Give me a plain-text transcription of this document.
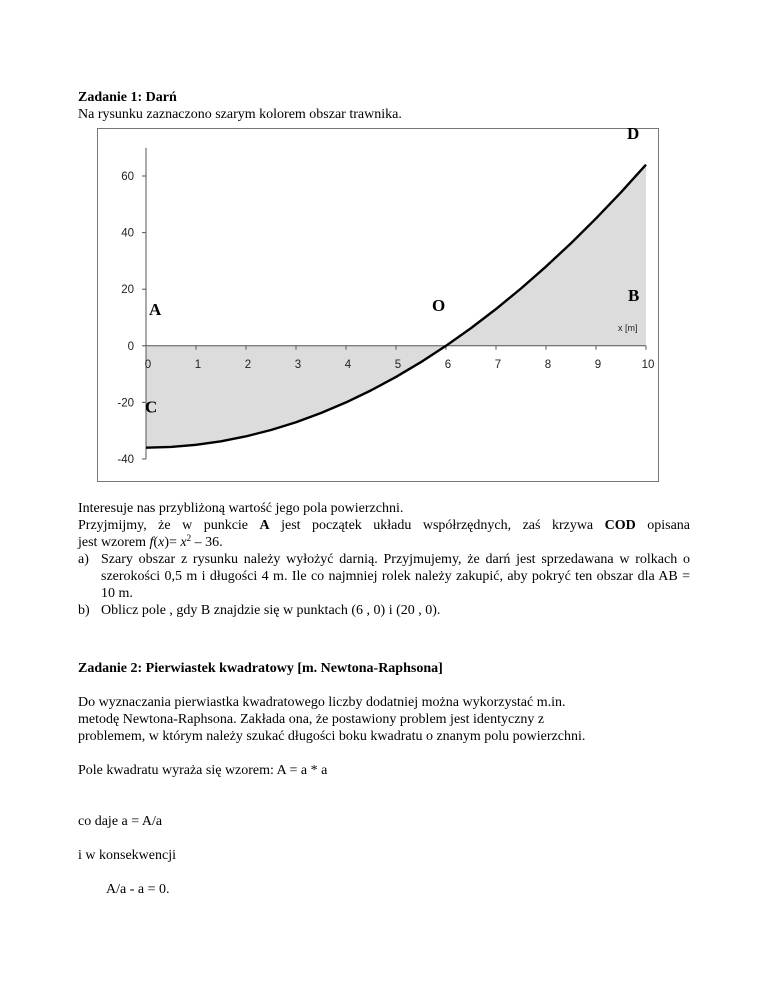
Zadanie 1: Darń
Na rysunku zaznaczono szarym kolorem obszar trawnika.
60
40
20
0
-20
-40
0	1	2	3	4	5	6	7	8	9	10
x [m]
A	O
B
C
D
Interesuje nas przybliżoną wartość jego pola powierzchni.
Przyjmijmy, że w punkcie A jest początek układu współrzędnych, zaś krzywa COD opisana
jest wzorem $f(x)= x^2 - 36$.
a) Szary obszar z rysunku należy wyłożyć darnią. Przyjmujemy, że darń jest sprzedawana w rolkach o szerokości 0,5 m i długości 4 m. Ile co najmniej rolek należy zakupić, aby pokryć ten obszar dla AB = 10 m.
b) Oblicz pole , gdy B znajdzie się w punktach (6 , 0) i (20 , 0).
Zadanie 2: Pierwiastek kwadratowy [m. Newtona-Raphsona]
Do wyznaczania pierwiastka kwadratowego liczby dodatniej można wykorzystać m.in.
metodę Newtona-Raphsona. Zakłada ona, że postawiony problem jest identyczny z
problemem, w którym należy szukać długości boku kwadratu o znanym polu powierzchni.
Pole kwadratu wyraża się wzorem: A = a * a
co daje a = A/a
i w konsekwencji
A/a - a = 0.
